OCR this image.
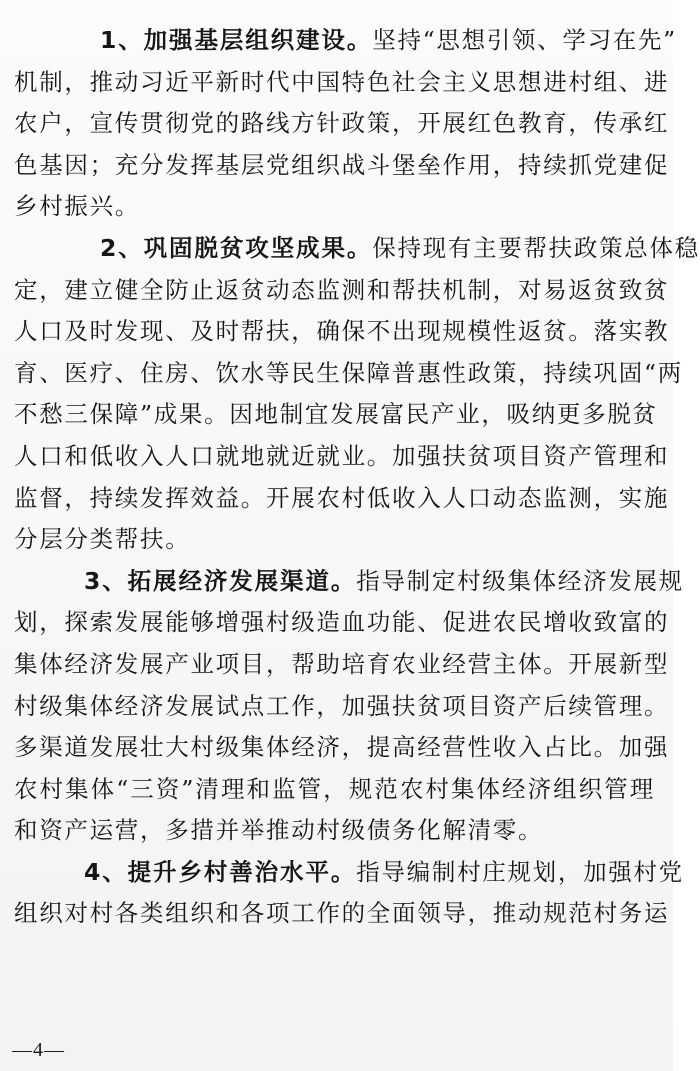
1、加强基层组织建设。坚持“思想引领、学习在先”
机制，推动习近平新时代中国特色社会主义思想进村组、进
农户，宣传贯彻党的路线方针政策，开展红色教育，传承红
色基因；充分发挥基层党组织战斗堡垒作用，持续抓党建促
乡村振兴。
2、巩固脱贫攻坚成果。保持现有主要帮扶政策总体稳
定，建立健全防止返贫动态监测和帮扶机制，对易返贫致贫
人口及时发现、及时帮扶，确保不出现规模性返贫。落实教
育、医疗、住房、饮水等民生保障普惠性政策，持续巩固“两
不愁三保障”成果。因地制宜发展富民产业，吸纳更多脱贫
人口和低收入人口就地就近就业。加强扶贫项目资产管理和
监督，持续发挥效益。开展农村低收入人口动态监测，实施
分层分类帮扶。
3、拓展经济发展渠道。指导制定村级集体经济发展规
划，探索发展能够增强村级造血功能、促进农民增收致富的
集体经济发展产业项目，帮助培育农业经营主体。开展新型
村级集体经济发展试点工作，加强扶贫项目资产后续管理。
多渠道发展壮大村级集体经济，提高经营性收入占比。加强
农村集体“三资”清理和监管，规范农村集体经济组织管理
和资产运营，多措并举推动村级债务化解清零。
4、提升乡村善治水平。指导编制村庄规划，加强村党
组织对村各类组织和各项工作的全面领导，推动规范村务运
—4—
